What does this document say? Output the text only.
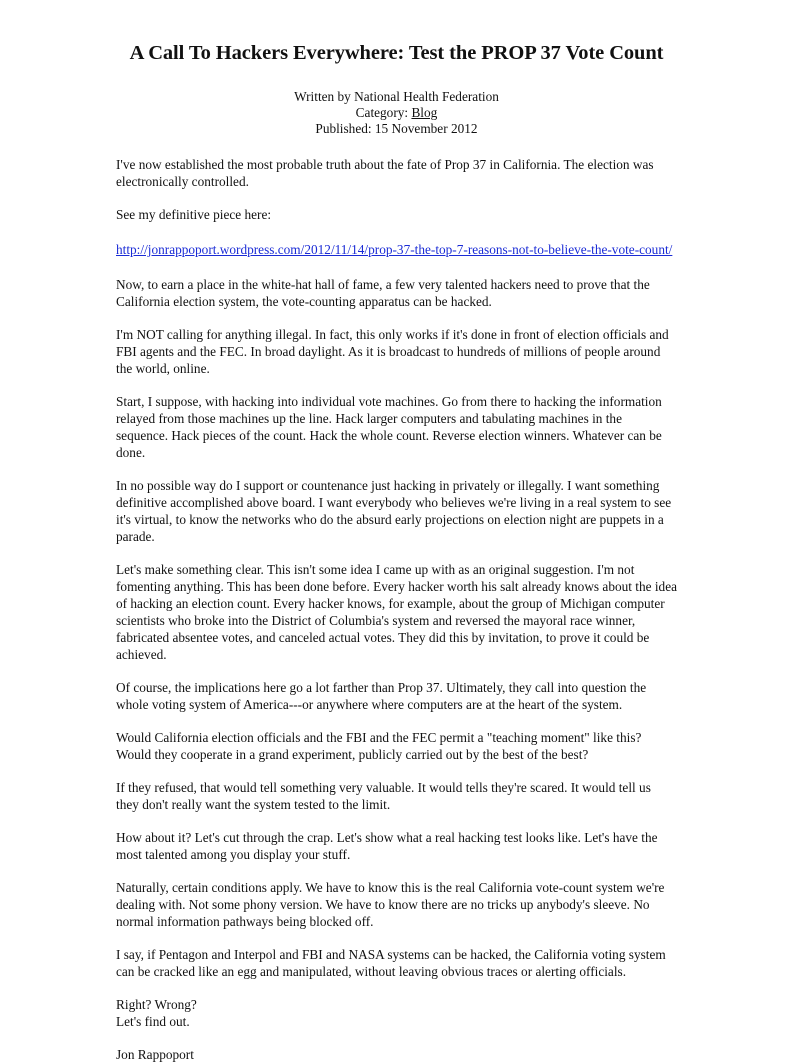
A Call To Hackers Everywhere: Test the PROP 37 Vote Count
Written by National Health Federation
Category: Blog
Published: 15 November 2012

I've now established the most probable truth about the fate of Prop 37 in California. The election was electronically controlled.

See my definitive piece here:

http://jonrappoport.wordpress.com/2012/11/14/prop-37-the-top-7-reasons-not-to-believe-the-vote-count/

Now, to earn a place in the white-hat hall of fame, a few very talented hackers need to prove that the California election system, the vote-counting apparatus can be hacked.

I'm NOT calling for anything illegal. In fact, this only works if it's done in front of election officials and FBI agents and the FEC. In broad daylight. As it is broadcast to hundreds of millions of people around the world, online.

Start, I suppose, with hacking into individual vote machines. Go from there to hacking the information relayed from those machines up the line. Hack larger computers and tabulating machines in the sequence. Hack pieces of the count. Hack the whole count. Reverse election winners. Whatever can be done.

In no possible way do I support or countenance just hacking in privately or illegally. I want something definitive accomplished above board. I want everybody who believes we're living in a real system to see it's virtual, to know the networks who do the absurd early projections on election night are puppets in a parade.

Let's make something clear. This isn't some idea I came up with as an original suggestion. I'm not fomenting anything. This has been done before. Every hacker worth his salt already knows about the idea of hacking an election count. Every hacker knows, for example, about the group of Michigan computer scientists who broke into the District of Columbia's system and reversed the mayoral race winner, fabricated absentee votes, and canceled actual votes. They did this by invitation, to prove it could be achieved.

Of course, the implications here go a lot farther than Prop 37. Ultimately, they call into question the whole voting system of America---or anywhere where computers are at the heart of the system.

Would California election officials and the FBI and the FEC permit a "teaching moment" like this? Would they cooperate in a grand experiment, publicly carried out by the best of the best?

If they refused, that would tell something very valuable. It would tells they're scared. It would tell us they don't really want the system tested to the limit.

How about it? Let's cut through the crap. Let's show what a real hacking test looks like. Let's have the most talented among you display your stuff.

Naturally, certain conditions apply. We have to know this is the real California vote-count system we're dealing with. Not some phony version. We have to know there are no tricks up anybody's sleeve. No normal information pathways being blocked off.

I say, if Pentagon and Interpol and FBI and NASA systems can be hacked, the California voting system can be cracked like an egg and manipulated, without leaving obvious traces or alerting officials.

Right? Wrong?
Let's find out.

Jon Rappoport
